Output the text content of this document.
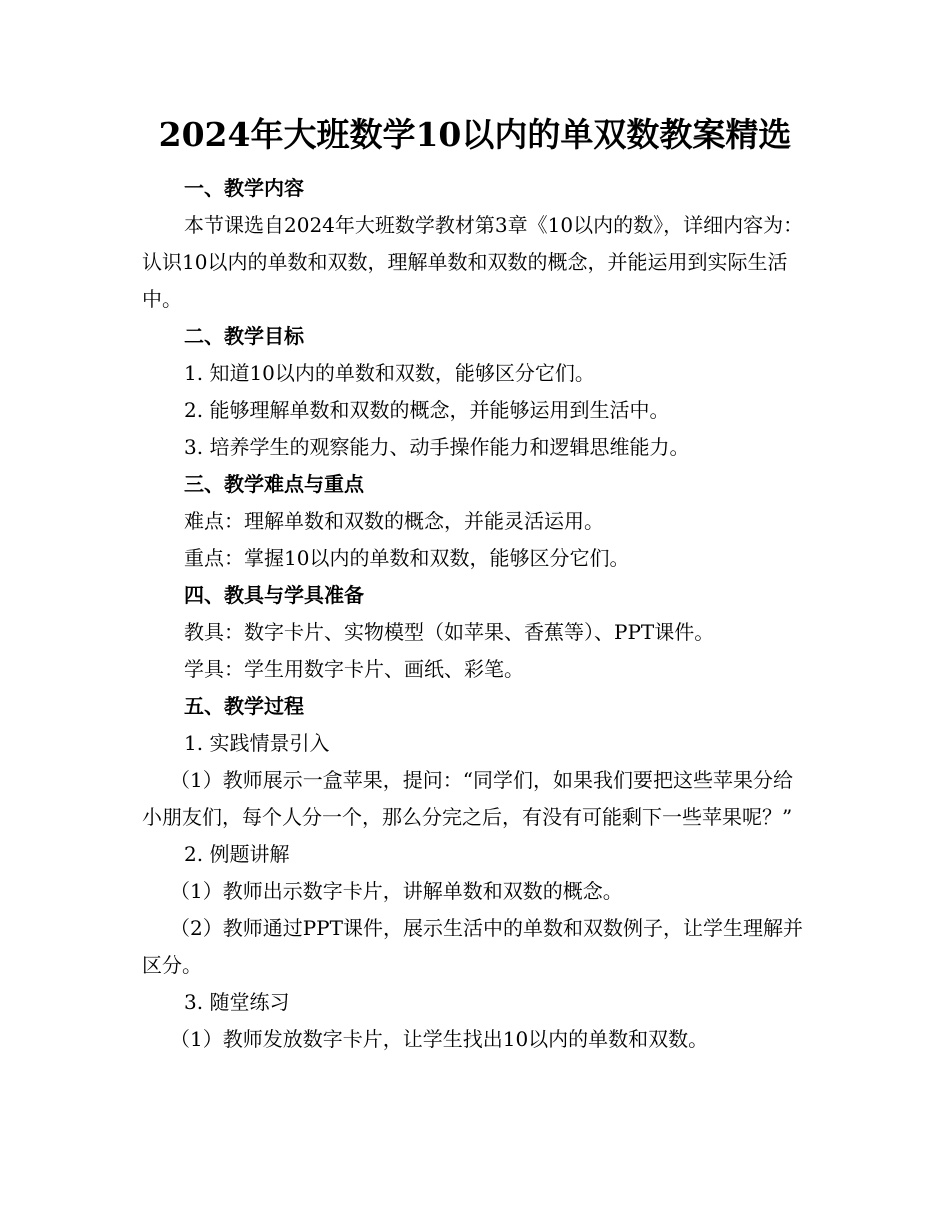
2024年大班数学10以内的单双数教案精选

一、教学内容

本节课选自2024年大班数学教材第3章《10以内的数》，详细内容为：认识10以内的单数和双数，理解单数和双数的概念，并能运用到实际生活中。

二、教学目标

1. 知道10以内的单数和双数，能够区分它们。

2. 能够理解单数和双数的概念，并能够运用到生活中。

3. 培养学生的观察能力、动手操作能力和逻辑思维能力。

三、教学难点与重点

难点：理解单数和双数的概念，并能灵活运用。

重点：掌握10以内的单数和双数，能够区分它们。

四、教具与学具准备

教具：数字卡片、实物模型（如苹果、香蕉等）、PPT课件。

学具：学生用数字卡片、画纸、彩笔。

五、教学过程

1. 实践情景引入

（1）教师展示一盒苹果，提问：“同学们，如果我们要把这些苹果分给小朋友们，每个人分一个，那么分完之后，有没有可能剩下一些苹果呢？”

2. 例题讲解

（1）教师出示数字卡片，讲解单数和双数的概念。

（2）教师通过PPT课件，展示生活中的单数和双数例子，让学生理解并区分。

3. 随堂练习

（1）教师发放数字卡片，让学生找出10以内的单数和双数。
